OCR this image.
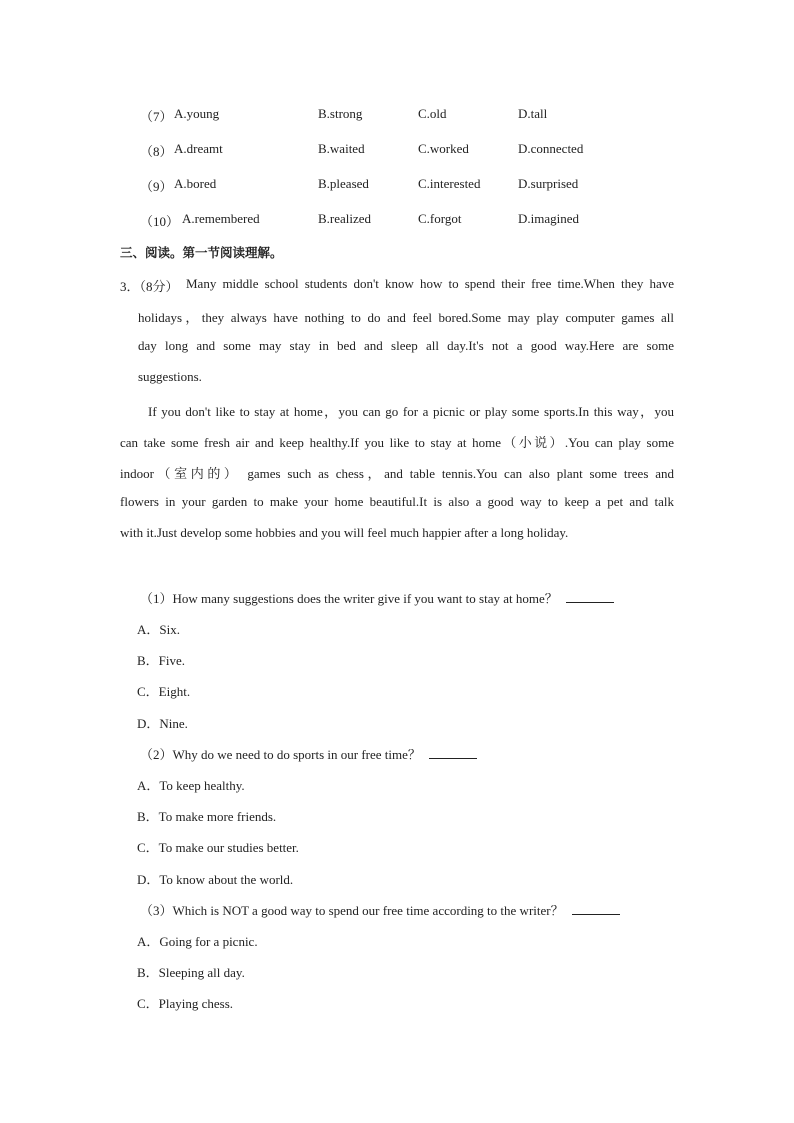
（7） A.young	B.strong	C.old	D.tall
（8） A.dreamt	B.waited	C.worked	D.connected
（9） A.bored	B.pleased	C.interested	D.surprised
（10） A.remembered	B.realized	C.forgot	D.imagined
三、阅读。第一节阅读理解。
3．（8分） Many middle school students don't know how to spend their free time.When they have
holidays，they always have nothing to do and feel bored.Some may play computer games all
day long and some may stay in bed and sleep all day.It's not a good way.Here are some
suggestions.
If you don't like to stay at home，you can go for a picnic or play some sports.In this way，you
can take some fresh air and keep healthy.If you like to stay at home（小说）.You can play some
indoor（室内的） games such as chess，and table tennis.You can also plant some trees and
flowers in your garden to make your home beautiful.It is also a good way to keep a pet and talk
with it.Just develop some hobbies and you will feel much happier after a long holiday.
（1）How many suggestions does the writer give if you want to stay at home？
A．Six.
B．Five.
C．Eight.
D．Nine.
（2）Why do we need to do sports in our free time？
A．To keep healthy.
B．To make more friends.
C．To make our studies better.
D．To know about the world.
（3）Which is NOT a good way to spend our free time according to the writer？
A．Going for a picnic.
B．Sleeping all day.
C．Playing chess.
